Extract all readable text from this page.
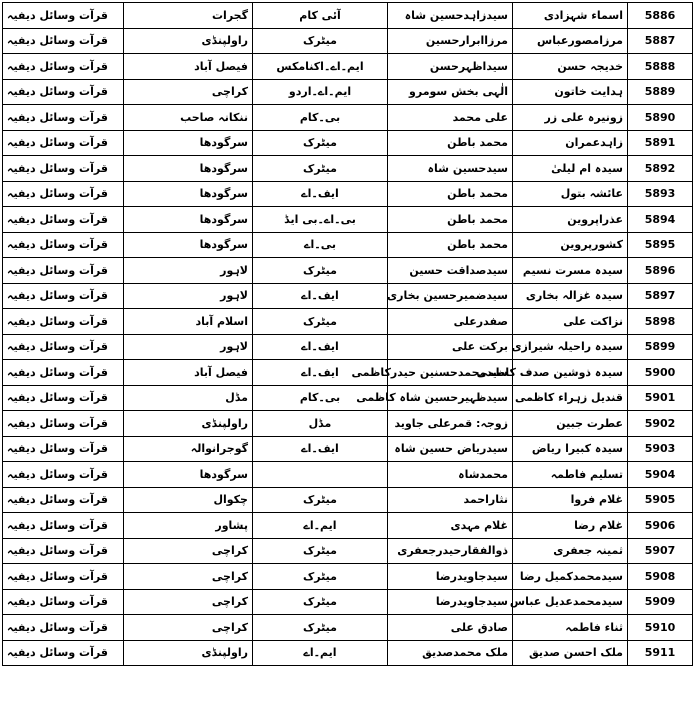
قرآت وسائل دیفیہ	گجرات	آئی کام	سیدزاہدحسین شاہ	اسماء شہزادی	5886
قرآت وسائل دیفیہ	راولپنڈی	میٹرک	مرزاابرارحسین	مرزامصورعباس	5887
قرآت وسائل دیفیہ	فیصل آباد	ایم۔اے۔اکنامکس	سیداظہرحسن	خدیجہ حسن	5888
قرآت وسائل دیفیہ	کراچی	ایم۔اے۔اردو	الٰہی بخش سومرو	ہدایت خاتون	5889
قرآت وسائل دیفیہ	ننکانہ صاحب	بی۔کام	علی محمد	زونیرہ علی زر	5890
قرآت وسائل دیفیہ	سرگودھا	میٹرک	محمد باطن	زاہدعمران	5891
قرآت وسائل دیفیہ	سرگودھا	میٹرک	سیدحسین شاہ	سیدہ ام لیلیٰ	5892
قرآت وسائل دیفیہ	سرگودھا	ایف۔اے	محمد باطن	عائشہ بتول	5893
قرآت وسائل دیفیہ	سرگودھا	بی۔اے۔بی ایڈ	محمد باطن	عذراپروین	5894
قرآت وسائل دیفیہ	سرگودھا	بی۔اے	محمد باطن	کشورپروین	5895
قرآت وسائل دیفیہ	لاہور	میٹرک	سیدصداقت حسین	سیدہ مسرت نسیم	5896
قرآت وسائل دیفیہ	لاہور	ایف۔اے	سیدضمیرحسین بخاری	سیدہ غزالہ بخاری	5897
قرآت وسائل دیفیہ	اسلام آباد	میٹرک	صفدرعلی	نزاکت علی	5898
قرآت وسائل دیفیہ	لاہور	ایف۔اے	برکت علی	سیدہ راحیلہ شیرازی	5899
قرآت وسائل دیفیہ	فیصل آباد	ایف۔اے	سیدمحمدحسنین حیدرکاظمی	سیدہ ذوشین صدف کاظمی	5900
قرآت وسائل دیفیہ	مڈل	بی۔کام	سیدظہیرحسین شاہ کاظمی	قندیل زہراء کاظمی	5901
قرآت وسائل دیفیہ	راولپنڈی	مڈل	زوجہ: قمرعلی جاوید	عطرت جبین	5902
قرآت وسائل دیفیہ	گوجرانوالہ	ایف۔اے	سیدریاض حسین شاہ	سیدہ کبیرا ریاض	5903
قرآت وسائل دیفیہ	سرگودھا		محمدشاہ	تسلیم فاطمہ	5904
قرآت وسائل دیفیہ	چکوال	میٹرک	نثاراحمد	غلام فروا	5905
قرآت وسائل دیفیہ	پشاور	ایم۔اے	غلام مہدی	غلام رضا	5906
قرآت وسائل دیفیہ	کراچی	میٹرک	ذوالفقارحیدرجعفری	ثمینہ جعفری	5907
قرآت وسائل دیفیہ	کراچی	میٹرک	سیدجاویدرضا	سیدمحمدکمیل رضا	5908
قرآت وسائل دیفیہ	کراچی	میٹرک	سیدجاویدرضا	سیدمحمدعدیل عباس	5909
قرآت وسائل دیفیہ	کراچی	میٹرک	صادق علی	ثناء فاطمہ	5910
قرآت وسائل دیفیہ	راولپنڈی	ایم۔اے	ملک محمدصدیق	ملک احسن صدیق	5911
